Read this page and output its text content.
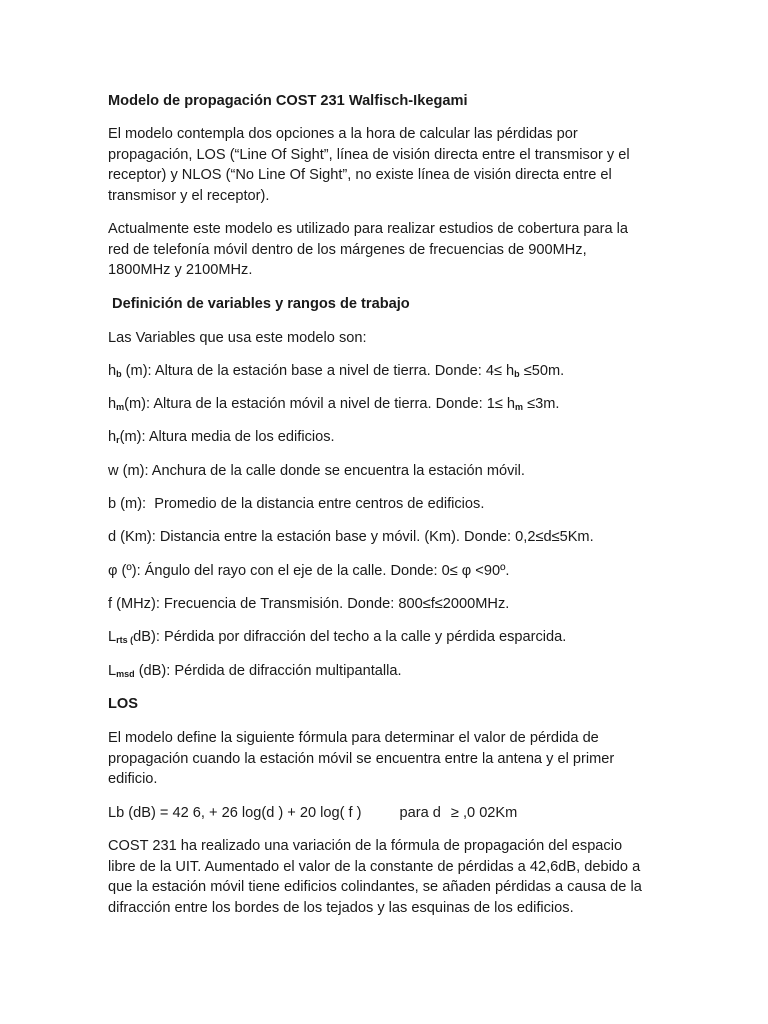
Modelo de propagación COST 231 Walfisch-Ikegami

El modelo contempla dos opciones a la hora de calcular las pérdidas por
propagación, LOS (“Line Of Sight”, línea de visión directa entre el transmisor y el
receptor) y NLOS (“No Line Of Sight”, no existe línea de visión directa entre el
transmisor y el receptor).

Actualmente este modelo es utilizado para realizar estudios de cobertura para la
red de telefonía móvil dentro de los márgenes de frecuencias de 900MHz,
1800MHz y 2100MHz.

Definición de variables y rangos de trabajo

Las Variables que usa este modelo son:

$h_b$ (m): Altura de la estación base a nivel de tierra. Donde: $4\le h_b \le 50m$.

$h_m(m)$: Altura de la estación móvil a nivel de tierra. Donde: $1\le h_m \le 3m$.

$h_r(m)$: Altura media de los edificios.

w (m): Anchura de la calle donde se encuentra la estación móvil.

b (m):  Promedio de la distancia entre centros de edificios.

d (Km): Distancia entre la estación base y móvil. (Km). Donde: 0,2≤d≤5Km.

φ (º): Ángulo del rayo con el eje de la calle. Donde: 0≤ φ <90º.

f (MHz): Frecuencia de Transmisión. Donde: 800≤f≤2000MHz.

$L_{rts (}dB$): Pérdida por difracción del techo a la calle y pérdida esparcida.

$L_{msd}$ (dB): Pérdida de difracción multipantalla.

LOS

El modelo define la siguiente fórmula para determinar el valor de pérdida de
propagación cuando la estación móvil se encuentra entre la antena y el primer
edificio.

Lb (dB) = 42 6, + 26 log(d ) + 20 log( f )	para d ≥ ,0 02Km

COST 231 ha realizado una variación de la fórmula de propagación del espacio
libre de la UIT. Aumentado el valor de la constante de pérdidas a 42,6dB, debido a
que la estación móvil tiene edificios colindantes, se añaden pérdidas a causa de la
difracción entre los bordes de los tejados y las esquinas de los edificios.
